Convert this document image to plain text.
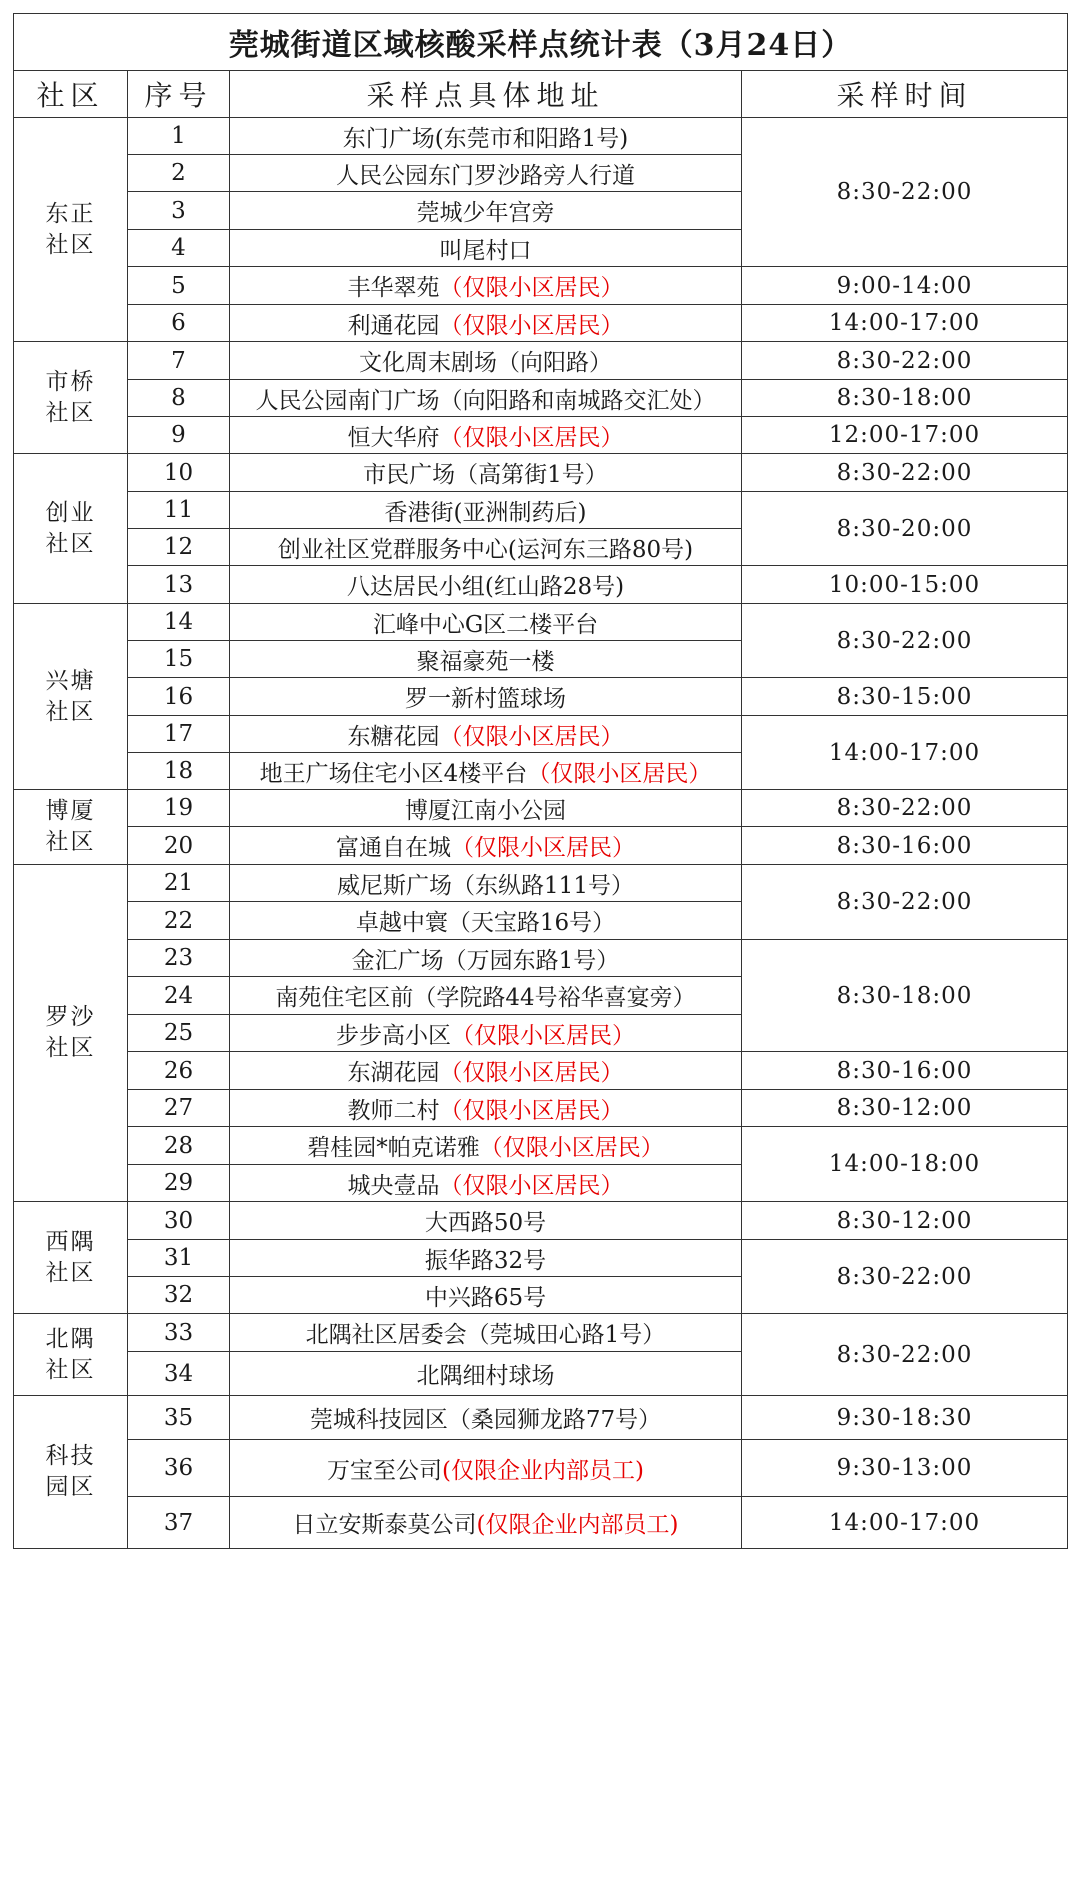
莞城街道区域核酸采样点统计表（3月24日）			
社区	序号	采样点具体地址	采样时间

东正
社区	1	东门广场(东莞市和阳路1号)	8:30-22:00
	2	人民公园东门罗沙路旁人行道	
	3	莞城少年宫旁	
	4	叫尾村口	
	5	丰华翠苑（仅限小区居民）	9:00-14:00
	6	利通花园（仅限小区居民）	14:00-17:00

市桥
社区	7	文化周末剧场（向阳路）	8:30-22:00
	8	人民公园南门广场（向阳路和南城路交汇处）	8:30-18:00
	9	恒大华府（仅限小区居民）	12:00-17:00

创业
社区	10	市民广场（高第街1号）	8:30-22:00
	11	香港街(亚洲制药后)	8:30-20:00
	12	创业社区党群服务中心(运河东三路80号)	
	13	八达居民小组(红山路28号)	10:00-15:00

兴塘
社区	14	汇峰中心G区二楼平台	8:30-22:00
	15	聚福豪苑一楼	
	16	罗一新村篮球场	8:30-15:00
	17	东糖花园（仅限小区居民）	14:00-17:00
	18	地王广场住宅小区4楼平台（仅限小区居民）	

博厦
社区	19	博厦江南小公园	8:30-22:00
	20	富通自在城（仅限小区居民）	8:30-16:00

罗沙
社区	21	威尼斯广场（东纵路111号）	8:30-22:00
	22	卓越中寰（天宝路16号）	
	23	金汇广场（万园东路1号）	8:30-18:00
	24	南苑住宅区前（学院路44号裕华喜宴旁）	
	25	步步高小区（仅限小区居民）	
	26	东湖花园（仅限小区居民）	8:30-16:00
	27	教师二村（仅限小区居民）	8:30-12:00
	28	碧桂园*帕克诺雅（仅限小区居民）	14:00-18:00
	29	城央壹品（仅限小区居民）	

西隅
社区	30	大西路50号	8:30-12:00
	31	振华路32号	8:30-22:00
	32	中兴路65号	

北隅
社区	33	北隅社区居委会（莞城田心路1号）	8:30-22:00
	34	北隅细村球场	

科技
园区	35	莞城科技园区（桑园狮龙路77号）	9:30-18:30
	36	万宝至公司(仅限企业内部员工)	9:30-13:00
	37	日立安斯泰莫公司(仅限企业内部员工)	14:00-17:00
